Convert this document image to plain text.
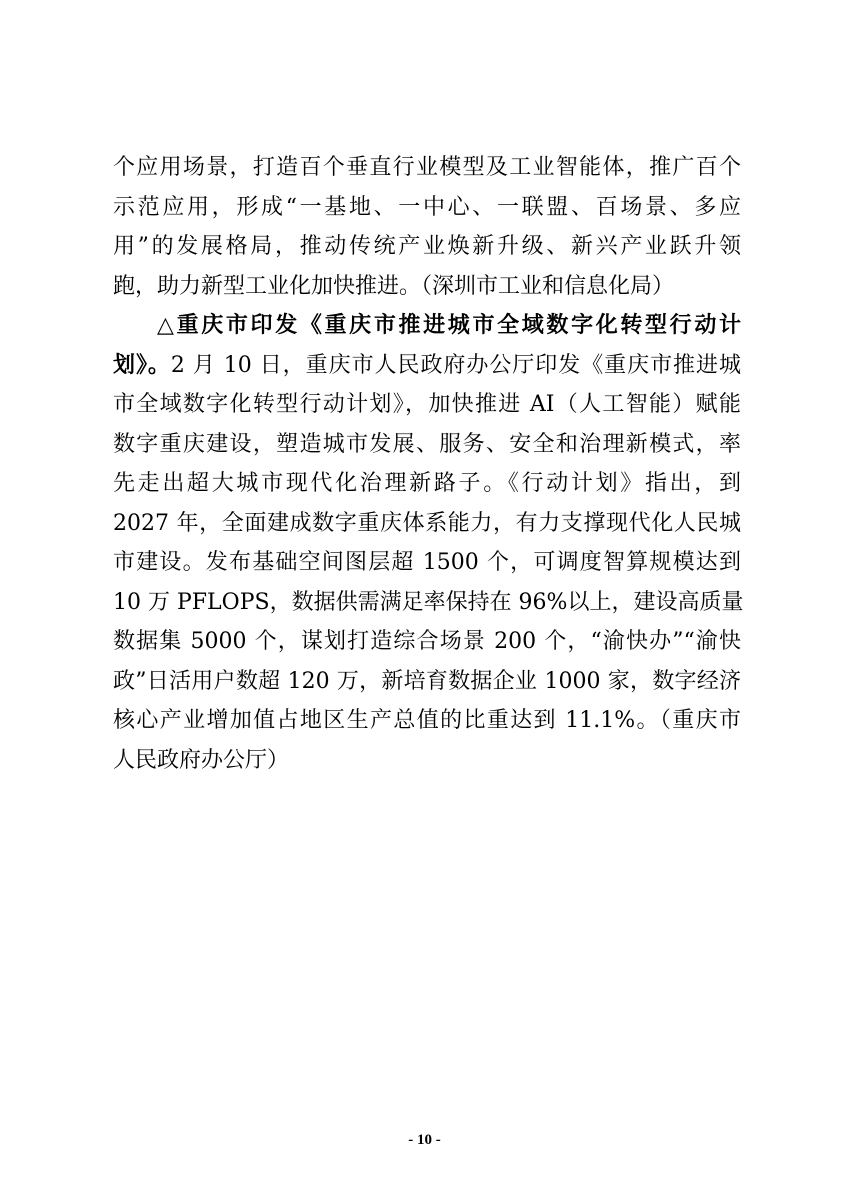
个应用场景，打造百个垂直行业模型及工业智能体，推广百个
示范应用，形成“一基地、一中心、一联盟、百场景、多应
用”的发展格局，推动传统产业焕新升级、新兴产业跃升领
跑，助力新型工业化加快推进。（深圳市工业和信息化局）
△重庆市印发《重庆市推进城市全域数字化转型行动计
划》。2 月 10 日，重庆市人民政府办公厅印发《重庆市推进城
市全域数字化转型行动计划》，加快推进 AI（人工智能）赋能
数字重庆建设，塑造城市发展、服务、安全和治理新模式，率
先走出超大城市现代化治理新路子。《行动计划》指出，到
2027 年，全面建成数字重庆体系能力，有力支撑现代化人民城
市建设。发布基础空间图层超 1500 个，可调度智算规模达到
10 万 PFLOPS，数据供需满足率保持在 96%以上，建设高质量
数据集 5000 个，谋划打造综合场景 200 个，“渝快办”“渝快
政”日活用户数超 120 万，新培育数据企业 1000 家，数字经济
核心产业增加值占地区生产总值的比重达到 11.1%。（重庆市
人民政府办公厅）
- 10 -
